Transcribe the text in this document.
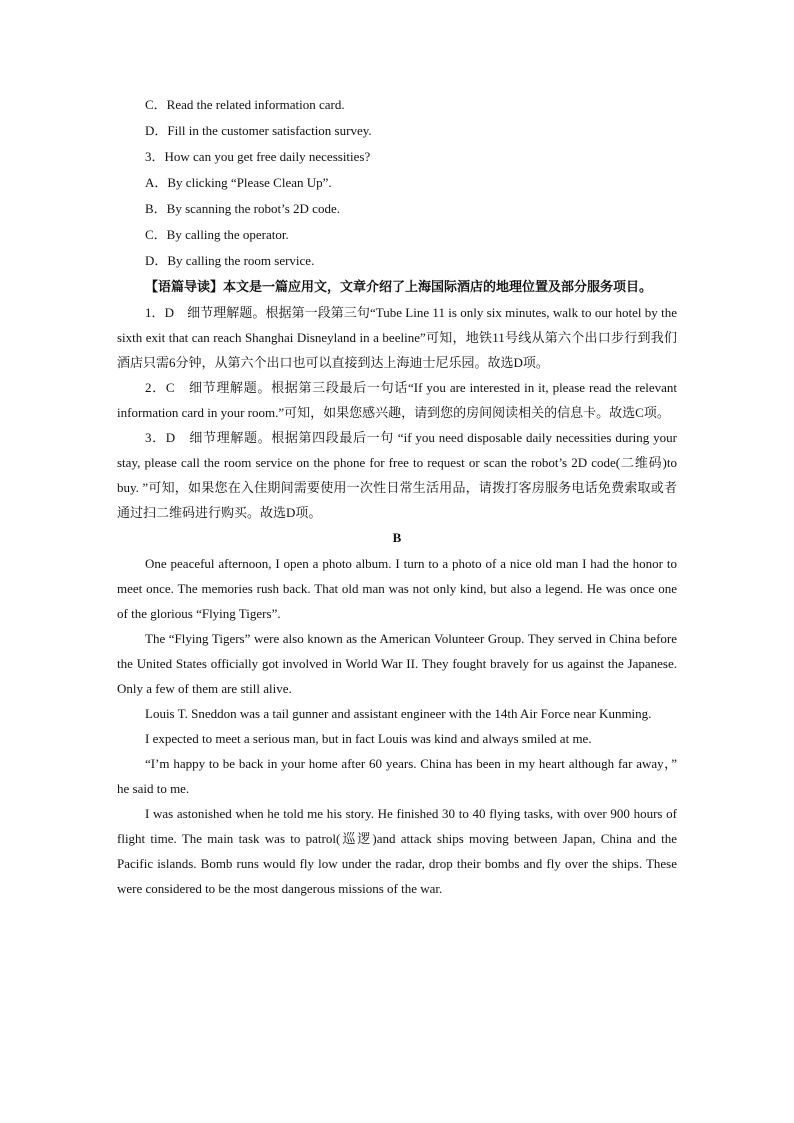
C．Read the related information card.

D．Fill in the customer satisfaction survey.

3．How can you get free daily necessities?

A．By clicking “Please Clean Up”.

B．By scanning the robot’s 2D code.

C．By calling the operator.

D．By calling the room service.

【语篇导读】本文是一篇应用文，文章介绍了上海国际酒店的地理位置及部分服务项目。

1．D　细节理解题。根据第一段第三句“Tube Line 11 is only six minutes, walk to our hotel by the sixth exit that can reach Shanghai Disneyland in a beeline”可知，地铁11号线从第六个出口步行到我们酒店只需6分钟，从第六个出口也可以直接到达上海迪士尼乐园。故选D项。

2．C　细节理解题。根据第三段最后一句话“If you are interested in it, please read the relevant information card in your room.”可知，如果您感兴趣，请到您的房间阅读相关的信息卡。故选C项。

3．D　细节理解题。根据第四段最后一句 “if you need disposable daily necessities during your stay, please call the room service on the phone for free to request or scan the robot’s 2D code(二维码)to buy. ”可知，如果您在入住期间需要使用一次性日常生活用品，请拨打客房服务电话免费索取或者通过扫二维码进行购买。故选D项。

B

One peaceful afternoon, I open a photo album. I turn to a photo of a nice old man I had the honor to meet once. The memories rush back. That old man was not only kind, but also a legend. He was once one of the glorious “Flying Tigers”.

The “Flying Tigers” were also known as the American Volunteer Group. They served in China before the United States officially got involved in World War II. They fought bravely for us against the Japanese. Only a few of them are still alive.

Louis T. Sneddon was a tail gunner and assistant engineer with the 14th Air Force near Kunming.

I expected to meet a serious man, but in fact Louis was kind and always smiled at me.

“I’m happy to be back in your home after 60 years. China has been in my heart although far away，” he said to me.

I was astonished when he told me his story. He finished 30 to 40 flying tasks, with over 900 hours of flight time. The main task was to patrol(巡逻)and attack ships moving between Japan, China and the Pacific islands. Bomb runs would fly low under the radar, drop their bombs and fly over the ships. These were considered to be the most dangerous missions of the war.
